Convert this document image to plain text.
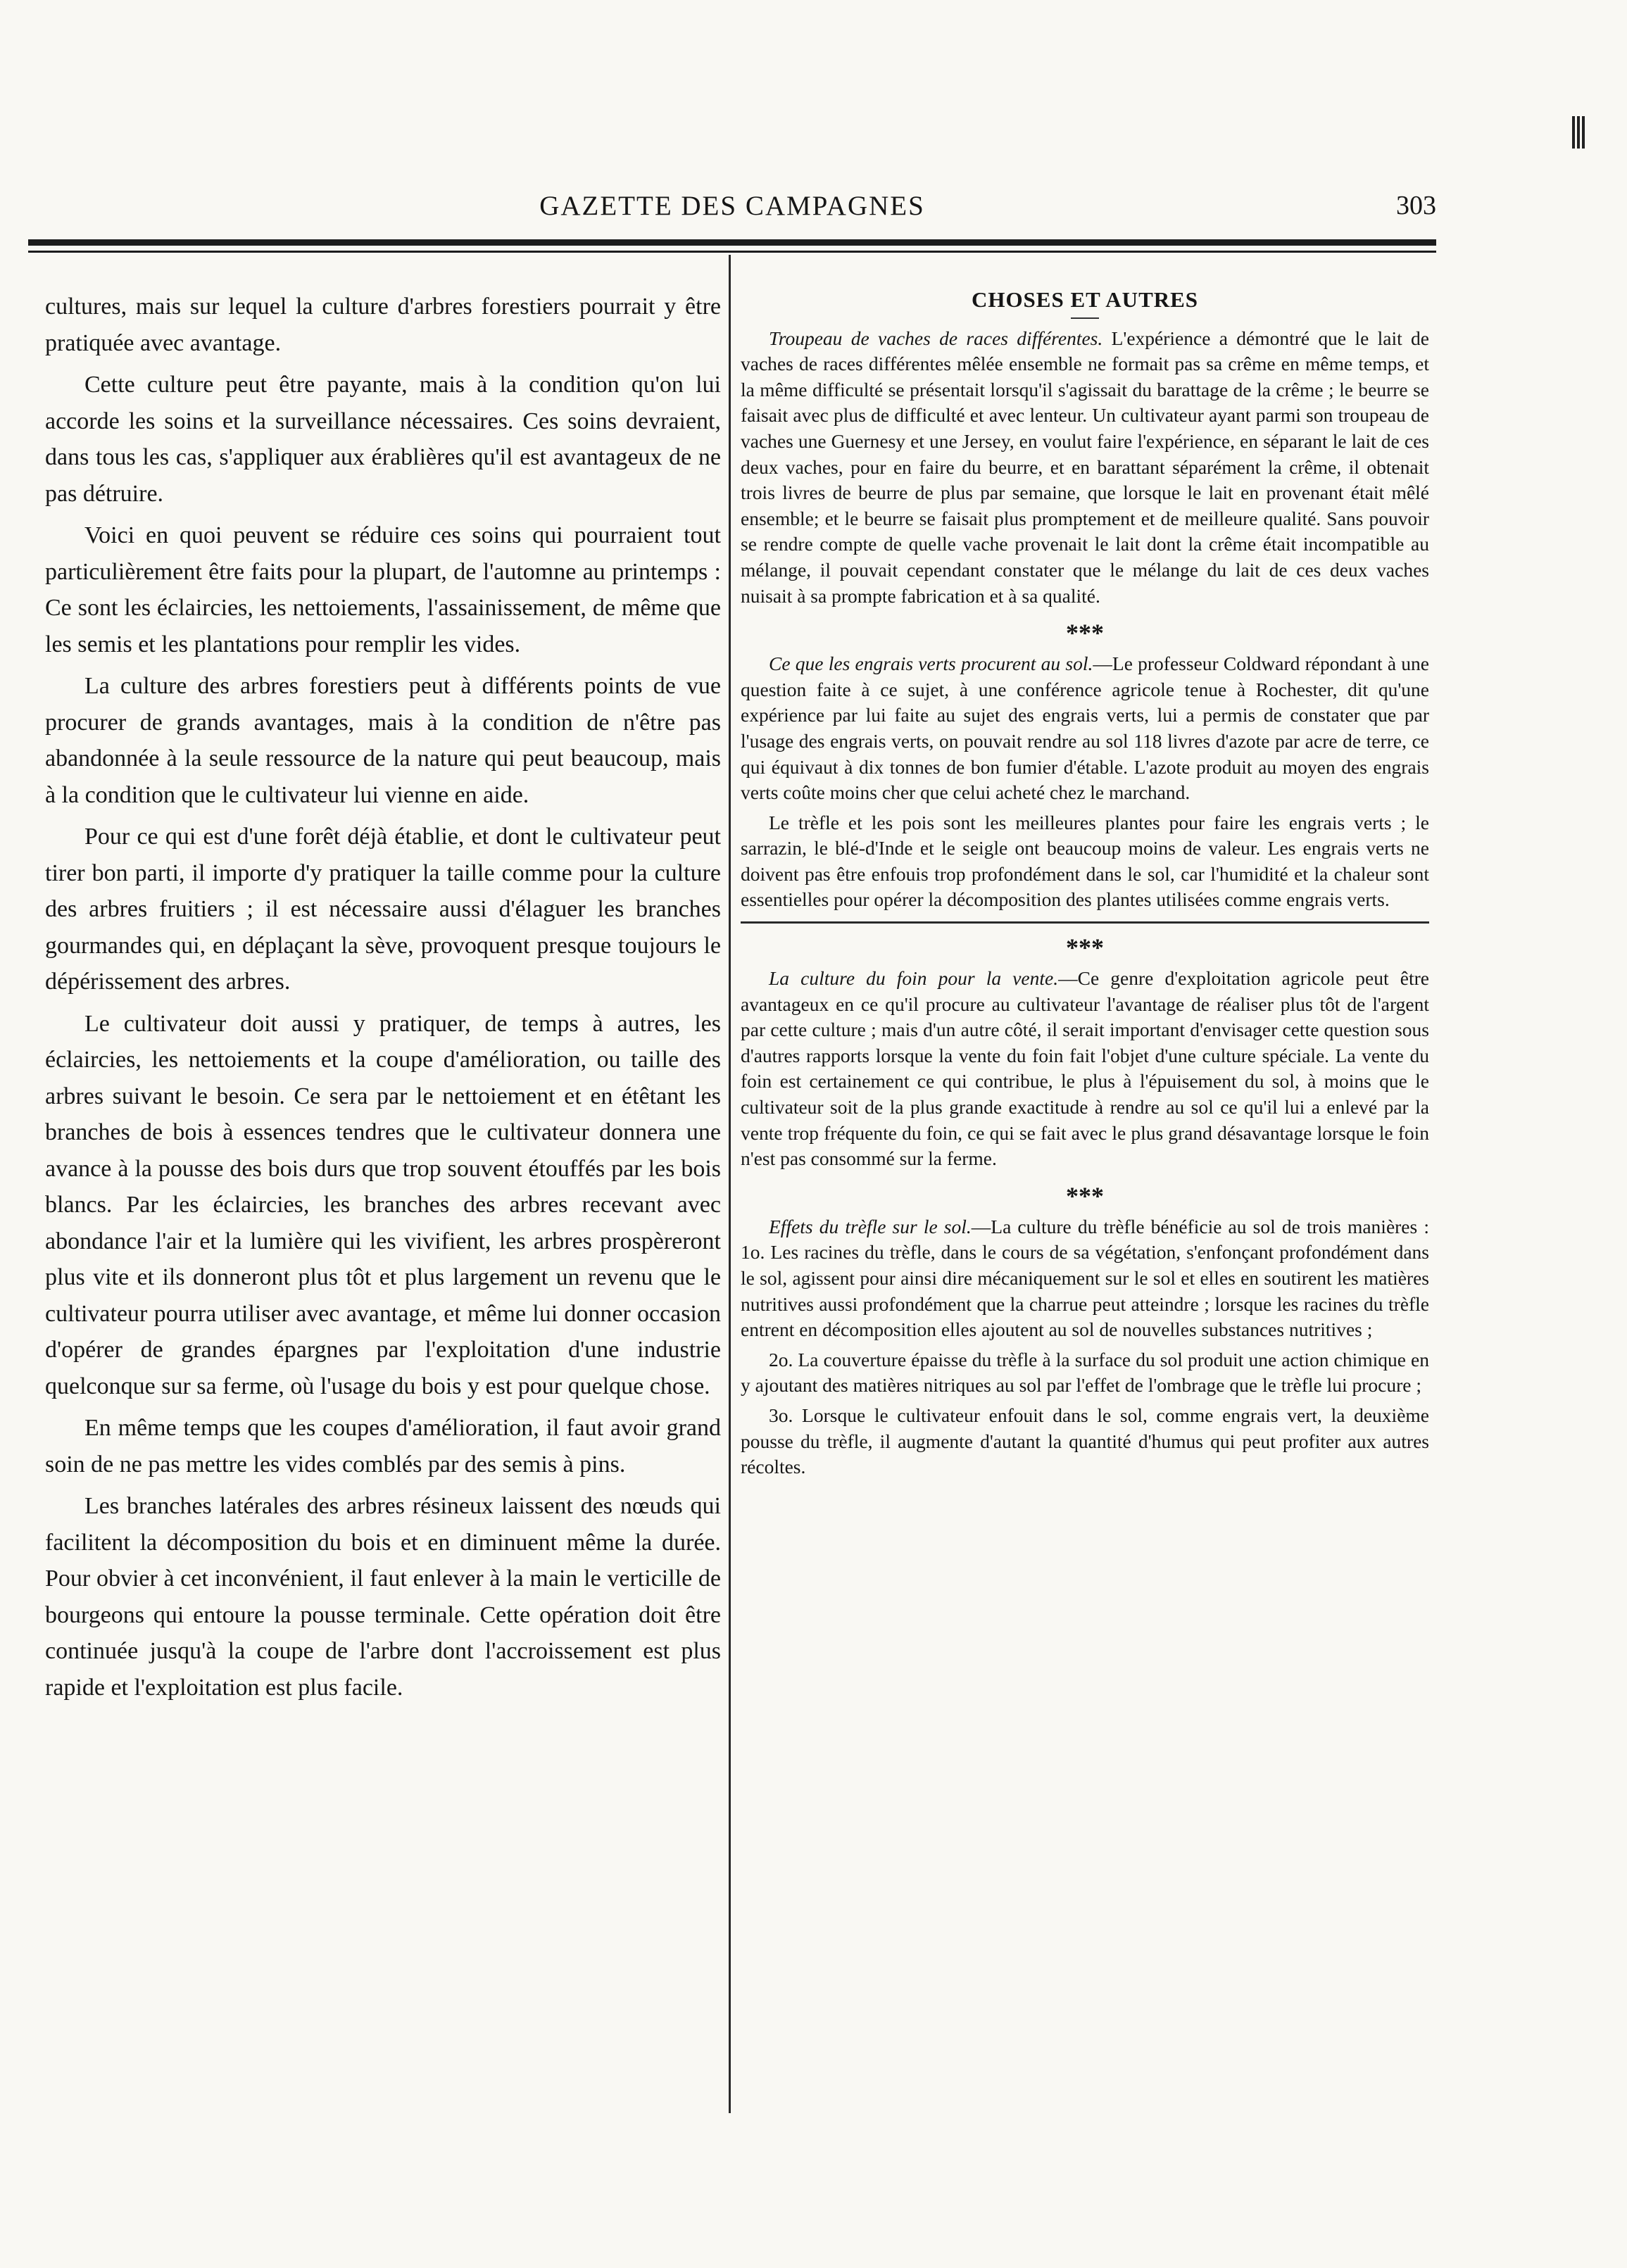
GAZETTE DES CAMPAGNES	303

cultures, mais sur lequel la culture d'arbres forestiers pourrait y être pratiquée avec avantage.

Cette culture peut être payante, mais à la condition qu'on lui accorde les soins et la surveillance nécessaires. Ces soins devraient, dans tous les cas, s'appliquer aux érablières qu'il est avantageux de ne pas détruire.

Voici en quoi peuvent se réduire ces soins qui pourraient tout particulièrement être faits pour la plupart, de l'automne au printemps : Ce sont les éclaircies, les nettoiements, l'assainissement, de même que les semis et les plantations pour remplir les vides.

La culture des arbres forestiers peut à différents points de vue procurer de grands avantages, mais à la condition de n'être pas abandonnée à la seule ressource de la nature qui peut beaucoup, mais à la condition que le cultivateur lui vienne en aide.

Pour ce qui est d'une forêt déjà établie, et dont le cultivateur peut tirer bon parti, il importe d'y pratiquer la taille comme pour la culture des arbres fruitiers ; il est nécessaire aussi d'élaguer les branches gourmandes qui, en déplaçant la sève, provoquent presque toujours le dépérissement des arbres.

Le cultivateur doit aussi y pratiquer, de temps à autres, les éclaircies, les nettoiements et la coupe d'amélioration, ou taille des arbres suivant le besoin. Ce sera par le nettoiement et en étêtant les branches de bois à essences tendres que le cultivateur donnera une avance à la pousse des bois durs que trop souvent étouffés par les bois blancs. Par les éclaircies, les branches des arbres recevant avec abondance l'air et la lumière qui les vivifient, les arbres prospèreront plus vite et ils donneront plus tôt et plus largement un revenu que le cultivateur pourra utiliser avec avantage, et même lui donner occasion d'opérer de grandes épargnes par l'exploitation d'une industrie quelconque sur sa ferme, où l'usage du bois y est pour quelque chose.

En même temps que les coupes d'amélioration, il faut avoir grand soin de ne pas mettre les vides comblés par des semis à pins.

Les branches latérales des arbres résineux laissent des nœuds qui facilitent la décomposition du bois et en diminuent même la durée. Pour obvier à cet inconvénient, il faut enlever à la main le verticille de bourgeons qui entoure la pousse terminale. Cette opération doit être continuée jusqu'à la coupe de l'arbre dont l'accroissement est plus rapide et l'exploitation est plus facile.

CHOSES ET AUTRES

Troupeau de vaches de races différentes. L'expérience a démontré que le lait de vaches de races différentes mêlée ensemble ne formait pas sa crême en même temps, et la même difficulté se présentait lorsqu'il s'agissait du barattage de la crême ; le beurre se faisait avec plus de difficulté et avec lenteur. Un cultivateur ayant parmi son troupeau de vaches une Guernesy et une Jersey, en voulut faire l'expérience, en séparant le lait de ces deux vaches, pour en faire du beurre, et en barattant séparément la crême, il obtenait trois livres de beurre de plus par semaine, que lorsque le lait en provenant était mêlé ensemble; et le beurre se faisait plus promptement et de meilleure qualité. Sans pouvoir se rendre compte de quelle vache provenait le lait dont la crême était incompatible au mélange, il pouvait cependant constater que le mélange du lait de ces deux vaches nuisait à sa prompte fabrication et à sa qualité.

***

Ce que les engrais verts procurent au sol.—Le professeur Coldward répondant à une question faite à ce sujet, à une conférence agricole tenue à Rochester, dit qu'une expérience par lui faite au sujet des engrais verts, lui a permis de constater que par l'usage des engrais verts, on pouvait rendre au sol 118 livres d'azote par acre de terre, ce qui équivaut à dix tonnes de bon fumier d'étable. L'azote produit au moyen des engrais verts coûte moins cher que celui acheté chez le marchand.

Le trèfle et les pois sont les meilleures plantes pour faire les engrais verts ; le sarrazin, le blé-d'Inde et le seigle ont beaucoup moins de valeur. Les engrais verts ne doivent pas être enfouis trop profondément dans le sol, car l'humidité et la chaleur sont essentielles pour opérer la décomposition des plantes utilisées comme engrais verts.

***

La culture du foin pour la vente.—Ce genre d'exploitation agricole peut être avantageux en ce qu'il procure au cultivateur l'avantage de réaliser plus tôt de l'argent par cette culture ; mais d'un autre côté, il serait important d'envisager cette question sous d'autres rapports lorsque la vente du foin fait l'objet d'une culture spéciale. La vente du foin est certainement ce qui contribue, le plus à l'épuisement du sol, à moins que le cultivateur soit de la plus grande exactitude à rendre au sol ce qu'il lui a enlevé par la vente trop fréquente du foin, ce qui se fait avec le plus grand désavantage lorsque le foin n'est pas consommé sur la ferme.

***

Effets du trèfle sur le sol.—La culture du trèfle bénéficie au sol de trois manières : 1o. Les racines du trèfle, dans le cours de sa végétation, s'enfonçant profondément dans le sol, agissent pour ainsi dire mécaniquement sur le sol et elles en soutirent les matières nutritives aussi profondément que la charrue peut atteindre ; lorsque les racines du trèfle entrent en décomposition elles ajoutent au sol de nouvelles substances nutritives ;

2o. La couverture épaisse du trèfle à la surface du sol produit une action chimique en y ajoutant des matières nitriques au sol par l'effet de l'ombrage que le trèfle lui procure ;

3o. Lorsque le cultivateur enfouit dans le sol, comme engrais vert, la deuxième pousse du trèfle, il augmente d'autant la quantité d'humus qui peut profiter aux autres récoltes.
